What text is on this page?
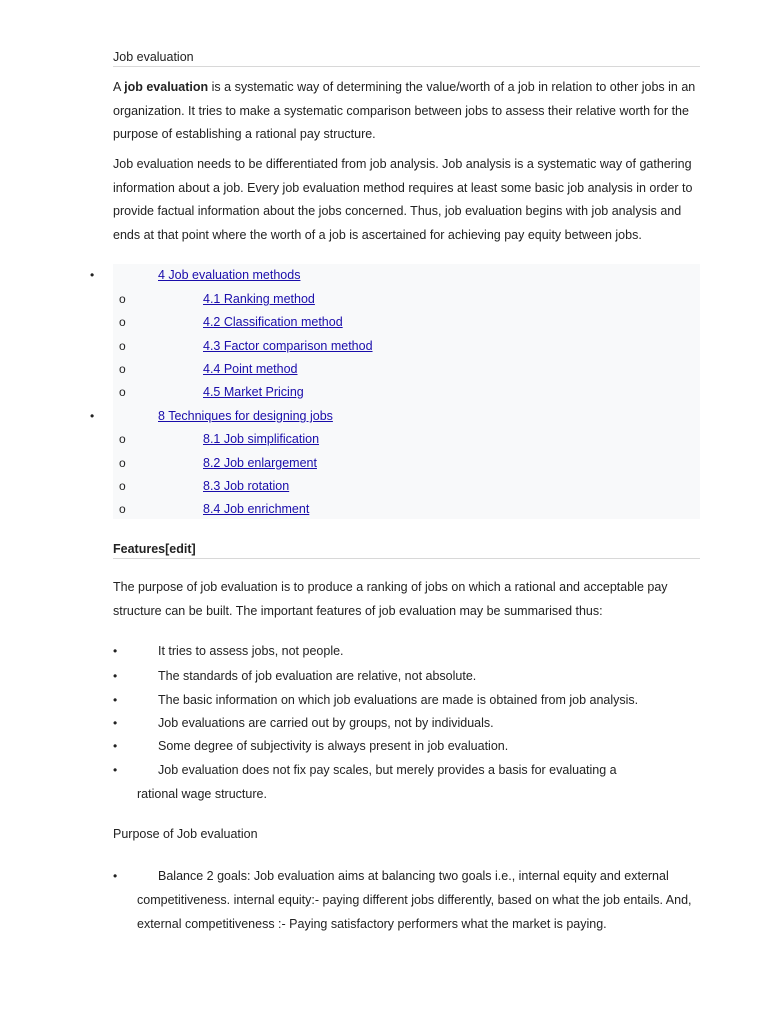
Job evaluation
A job evaluation is a systematic way of determining the value/worth of a job in relation to other jobs in an
organization. It tries to make a systematic comparison between jobs to assess their relative worth for the
purpose of establishing a rational pay structure.
Job evaluation needs to be differentiated from job analysis. Job analysis is a systematic way of gathering
information about a job. Every job evaluation method requires at least some basic job analysis in order to
provide factual information about the jobs concerned. Thus, job evaluation begins with job analysis and
ends at that point where the worth of a job is ascertained for achieving pay equity between jobs.
•	4 Job evaluation methods
o	4.1 Ranking method
o	4.2 Classification method
o	4.3 Factor comparison method
o	4.4 Point method
o	4.5 Market Pricing
•	8 Techniques for designing jobs
o	8.1 Job simplification
o	8.2 Job enlargement
o	8.3 Job rotation
o	8.4 Job enrichment
Features[edit]
The purpose of job evaluation is to produce a ranking of jobs on which a rational and acceptable pay
structure can be built. The important features of job evaluation may be summarised thus:
•	It tries to assess jobs, not people.
•	The standards of job evaluation are relative, not absolute.
•	The basic information on which job evaluations are made is obtained from job analysis.
•	Job evaluations are carried out by groups, not by individuals.
•	Some degree of subjectivity is always present in job evaluation.
•	Job evaluation does not fix pay scales, but merely provides a basis for evaluating a
rational wage structure.
Purpose of Job evaluation
•	Balance 2 goals: Job evaluation aims at balancing two goals i.e., internal equity and external
competitiveness. internal equity:- paying different jobs differently, based on what the job entails. And,
external competitiveness :- Paying satisfactory performers what the market is paying.
